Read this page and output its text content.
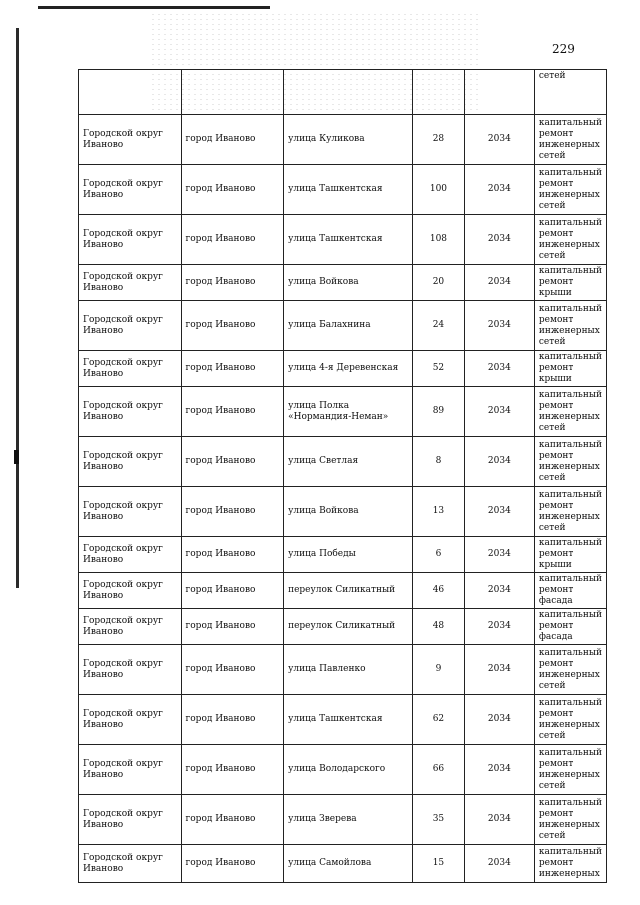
229
					сетей
Городской округ Иваново	город Иваново	улица Куликова	28	2034	капитальный ремонт инженерных сетей
Городской округ Иваново	город Иваново	улица Ташкентская	100	2034	капитальный ремонт инженерных сетей
Городской округ Иваново	город Иваново	улица Ташкентская	108	2034	капитальный ремонт инженерных сетей
Городской округ Иваново	город Иваново	улица Войкова	20	2034	капитальный ремонт крыши
Городской округ Иваново	город Иваново	улица Балахнина	24	2034	капитальный ремонт инженерных сетей
Городской округ Иваново	город Иваново	улица 4-я Деревенская	52	2034	капитальный ремонт крыши
Городской округ Иваново	город Иваново	улица Полка «Нормандия-Неман»	89	2034	капитальный ремонт инженерных сетей
Городской округ Иваново	город Иваново	улица Светлая	8	2034	капитальный ремонт инженерных сетей
Городской округ Иваново	город Иваново	улица Войкова	13	2034	капитальный ремонт инженерных сетей
Городской округ Иваново	город Иваново	улица Победы	6	2034	капитальный ремонт крыши
Городской округ Иваново	город Иваново	переулок Силикатный	46	2034	капитальный ремонт фасада
Городской округ Иваново	город Иваново	переулок Силикатный	48	2034	капитальный ремонт фасада
Городской округ Иваново	город Иваново	улица Павленко	9	2034	капитальный ремонт инженерных сетей
Городской округ Иваново	город Иваново	улица Ташкентская	62	2034	капитальный ремонт инженерных сетей
Городской округ Иваново	город Иваново	улица Володарского	66	2034	капитальный ремонт инженерных сетей
Городской округ Иваново	город Иваново	улица Зверева	35	2034	капитальный ремонт инженерных сетей
Городской округ Иваново	город Иваново	улица Самойлова	15	2034	капитальный ремонт инженерных
